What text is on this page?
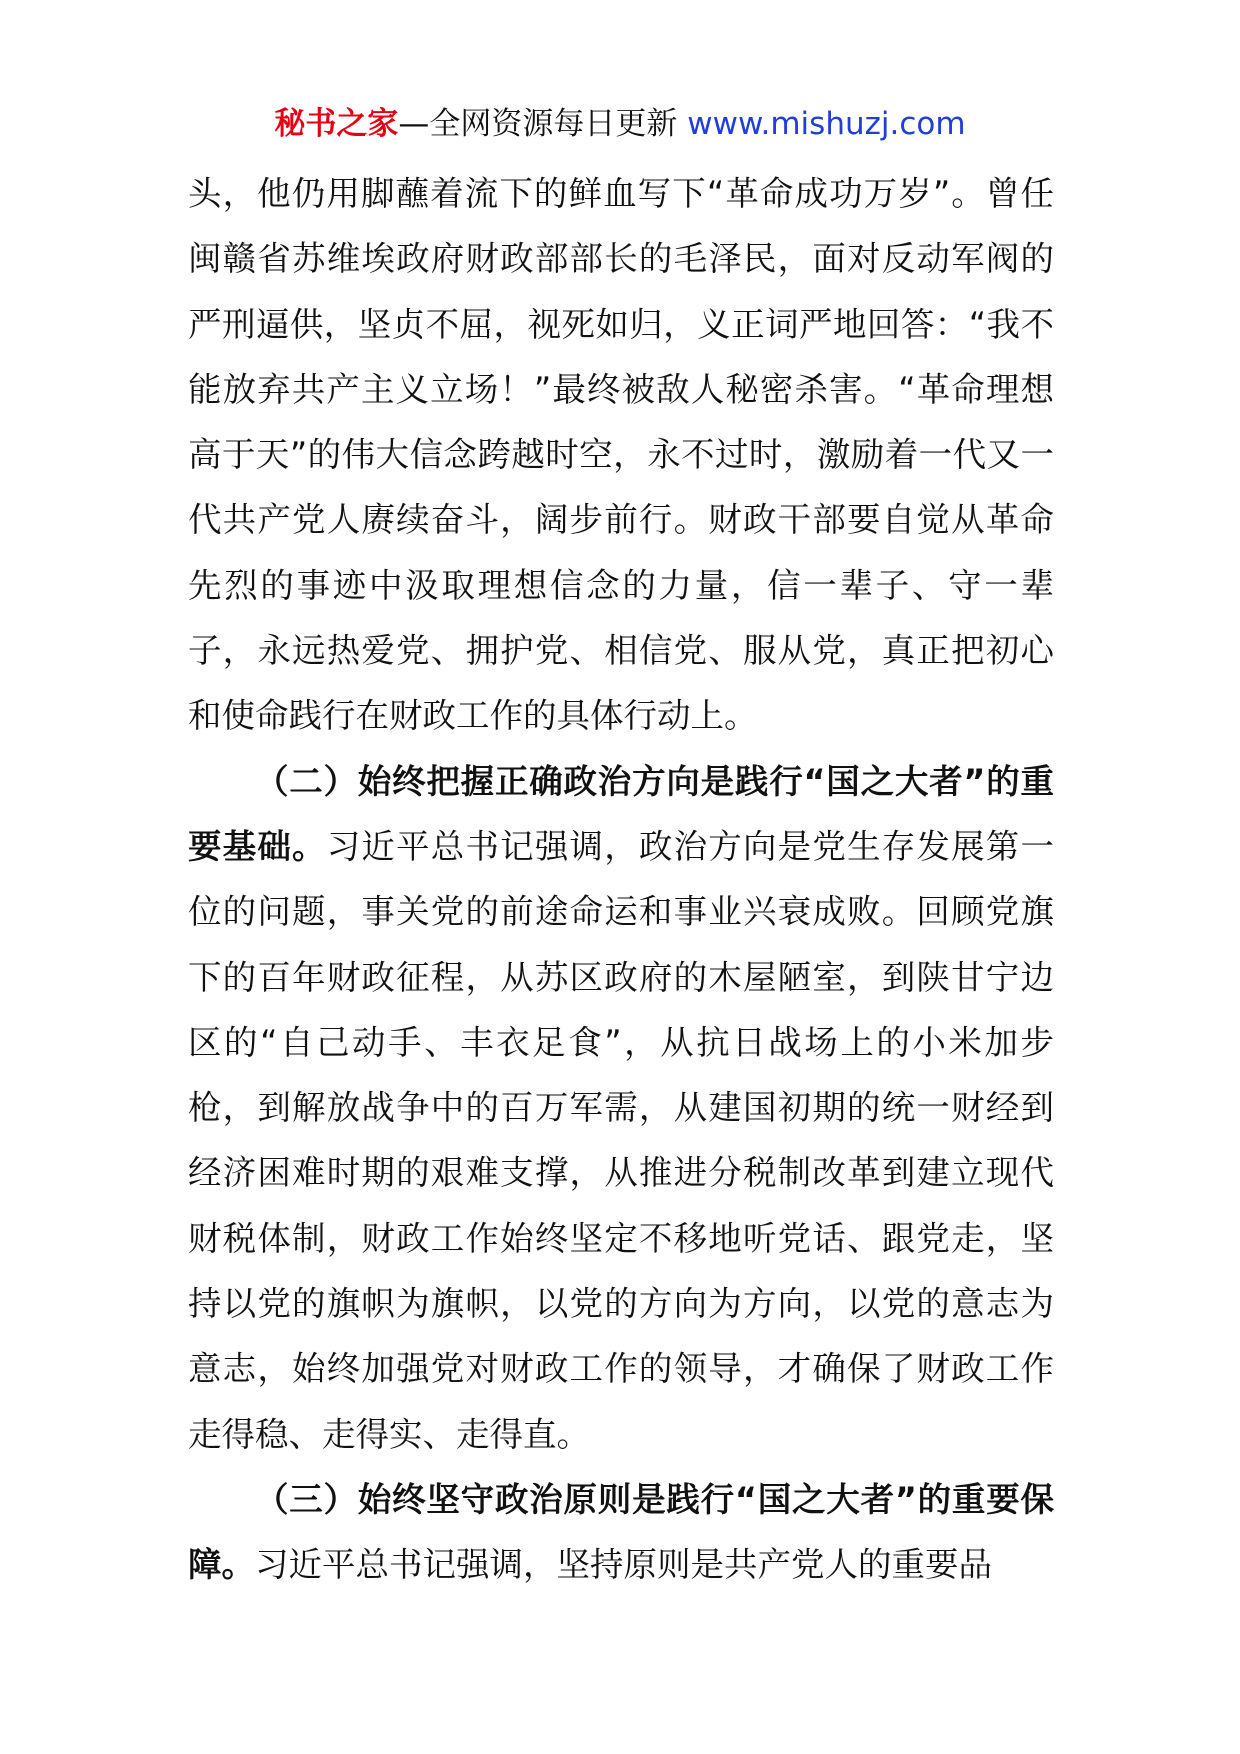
秘书之家—全网资源每日更新 www.mishuzj.com

头，他仍用脚蘸着流下的鲜血写下“革命成功万岁”。曾任闽赣省苏维埃政府财政部部长的毛泽民，面对反动军阀的严刑逼供，坚贞不屈，视死如归，义正词严地回答：“我不能放弃共产主义立场！”最终被敌人秘密杀害。“革命理想高于天”的伟大信念跨越时空，永不过时，激励着一代又一代共产党人赓续奋斗，阔步前行。财政干部要自觉从革命先烈的事迹中汲取理想信念的力量，信一辈子、守一辈子，永远热爱党、拥护党、相信党、服从党，真正把初心和使命践行在财政工作的具体行动上。

（二）始终把握正确政治方向是践行“国之大者”的重要基础。习近平总书记强调，政治方向是党生存发展第一位的问题，事关党的前途命运和事业兴衰成败。回顾党旗下的百年财政征程，从苏区政府的木屋陋室，到陕甘宁边区的“自己动手、丰衣足食”，从抗日战场上的小米加步枪，到解放战争中的百万军需，从建国初期的统一财经到经济困难时期的艰难支撑，从推进分税制改革到建立现代财税体制，财政工作始终坚定不移地听党话、跟党走，坚持以党的旗帜为旗帜，以党的方向为方向，以党的意志为意志，始终加强党对财政工作的领导，才确保了财政工作走得稳、走得实、走得直。

（三）始终坚守政治原则是践行“国之大者”的重要保障。习近平总书记强调，坚持原则是共产党人的重要品
